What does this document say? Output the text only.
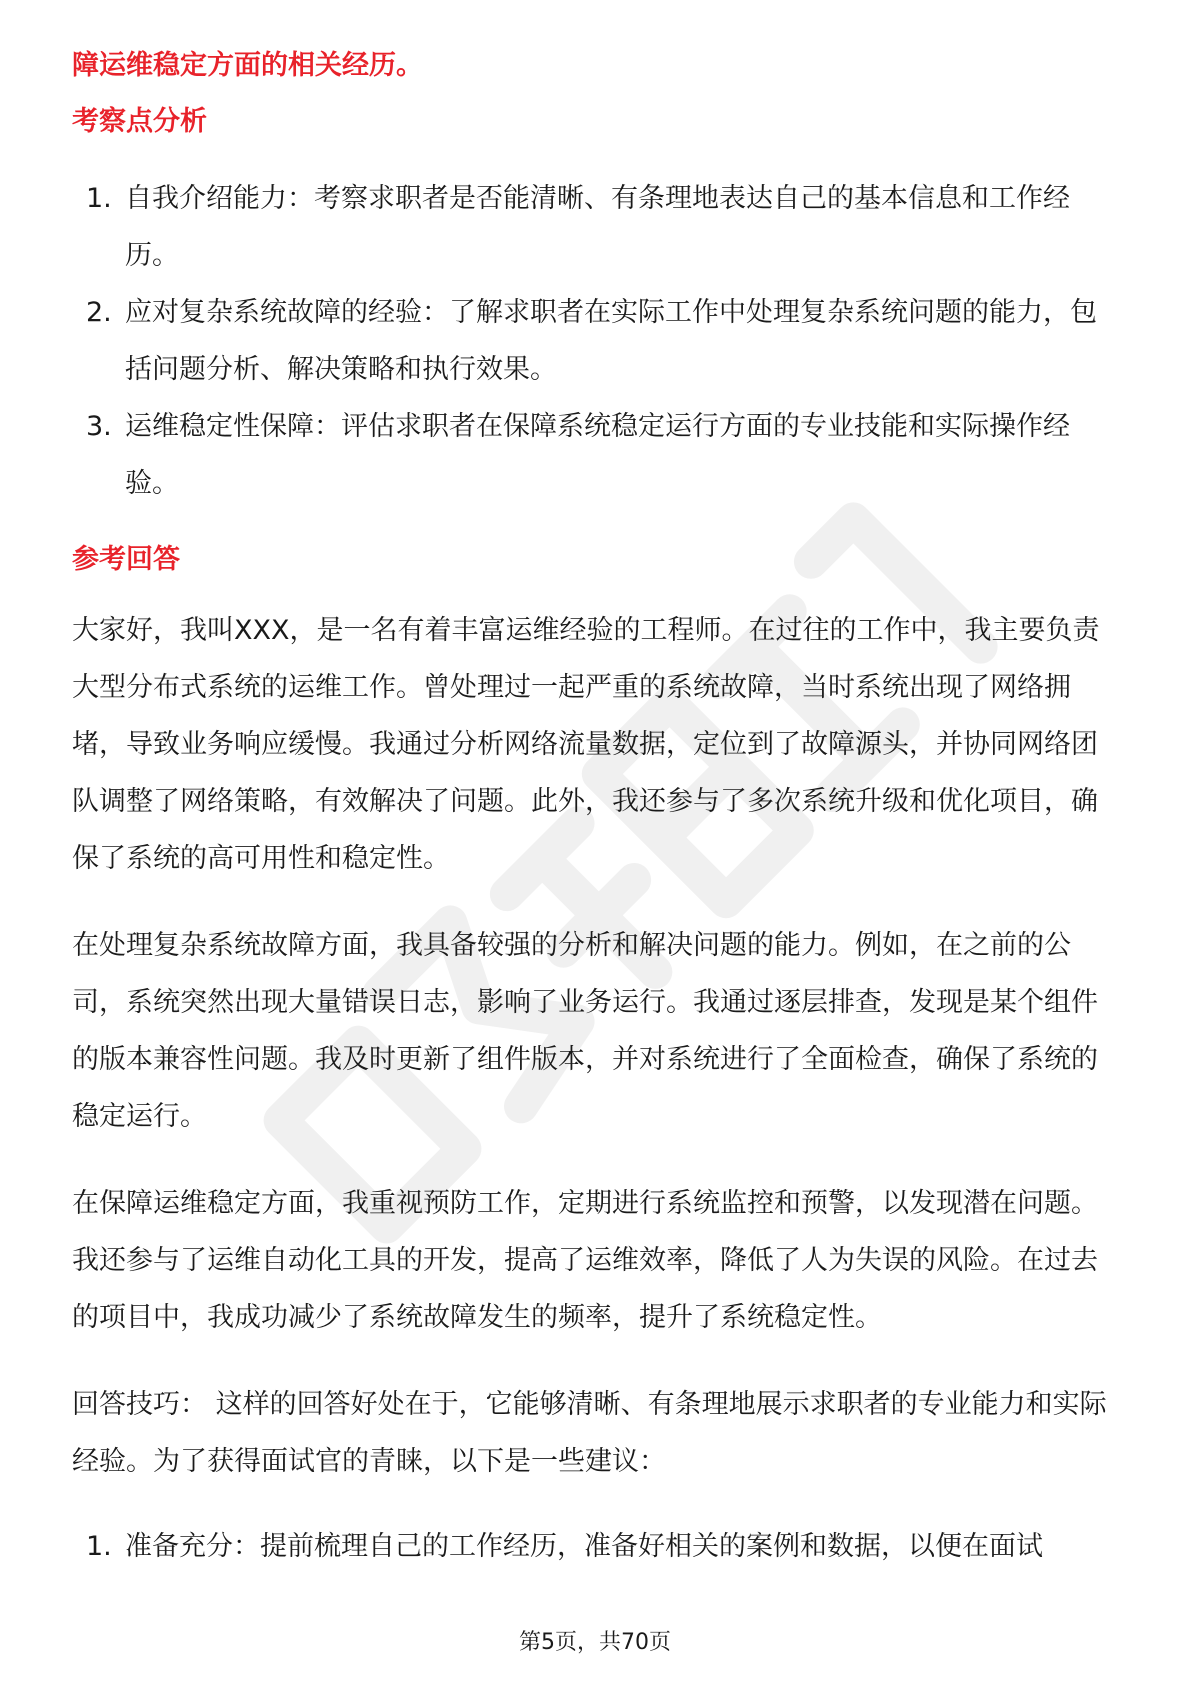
障运维稳定方面的相关经历。

考察点分析

1. 自我介绍能力：考察求职者是否能清晰、有条理地表达自己的基本信息和工作经历。
2. 应对复杂系统故障的经验：了解求职者在实际工作中处理复杂系统问题的能力，包括问题分析、解决策略和执行效果。
3. 运维稳定性保障：评估求职者在保障系统稳定运行方面的专业技能和实际操作经验。

参考回答

大家好，我叫XXX，是一名有着丰富运维经验的工程师。在过往的工作中，我主要负责大型分布式系统的运维工作。曾处理过一起严重的系统故障，当时系统出现了网络拥堵，导致业务响应缓慢。我通过分析网络流量数据，定位到了故障源头，并协同网络团队调整了网络策略，有效解决了问题。此外，我还参与了多次系统升级和优化项目，确保了系统的高可用性和稳定性。

在处理复杂系统故障方面，我具备较强的分析和解决问题的能力。例如，在之前的公司，系统突然出现大量错误日志，影响了业务运行。我通过逐层排查，发现是某个组件的版本兼容性问题。我及时更新了组件版本，并对系统进行了全面检查，确保了系统的稳定运行。

在保障运维稳定方面，我重视预防工作，定期进行系统监控和预警，以发现潜在问题。我还参与了运维自动化工具的开发，提高了运维效率，降低了人为失误的风险。在过去的项目中，我成功减少了系统故障发生的频率，提升了系统稳定性。

回答技巧： 这样的回答好处在于，它能够清晰、有条理地展示求职者的专业能力和实际经验。为了获得面试官的青睐，以下是一些建议：

1. 准备充分：提前梳理自己的工作经历，准备好相关的案例和数据，以便在面试
第5页，共70页
